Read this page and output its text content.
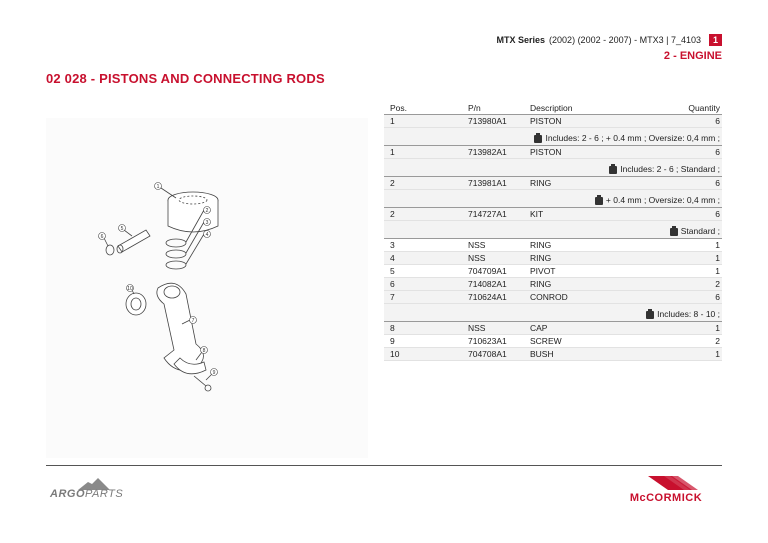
MTX Series (2002) (2002 - 2007) - MTX3 | 7_4103	1
2 - ENGINE
02 028 - PISTONS AND CONNECTING RODS
1
2
3
4
5
6
7
8
9
10
Pos.	P/n	Description	Quantity
1	713980A1	PISTON	6
Includes: 2 - 6 ; + 0.4 mm ; Oversize: 0,4 mm ;
1	713982A1	PISTON	6
Includes: 2 - 6 ; Standard ;
2	713981A1	RING	6
+ 0.4 mm ; Oversize: 0,4 mm ;
2	714727A1	KIT	6
Standard ;
3	NSS	RING	1
4	NSS	RING	1
5	704709A1	PIVOT	1
6	714082A1	RING	2
7	710624A1	CONROD	6
Includes: 8 - 10 ;
8	NSS	CAP	1
9	710623A1	SCREW	2
10	704708A1	BUSH	1
ARGOPARTS	McCORMICK
